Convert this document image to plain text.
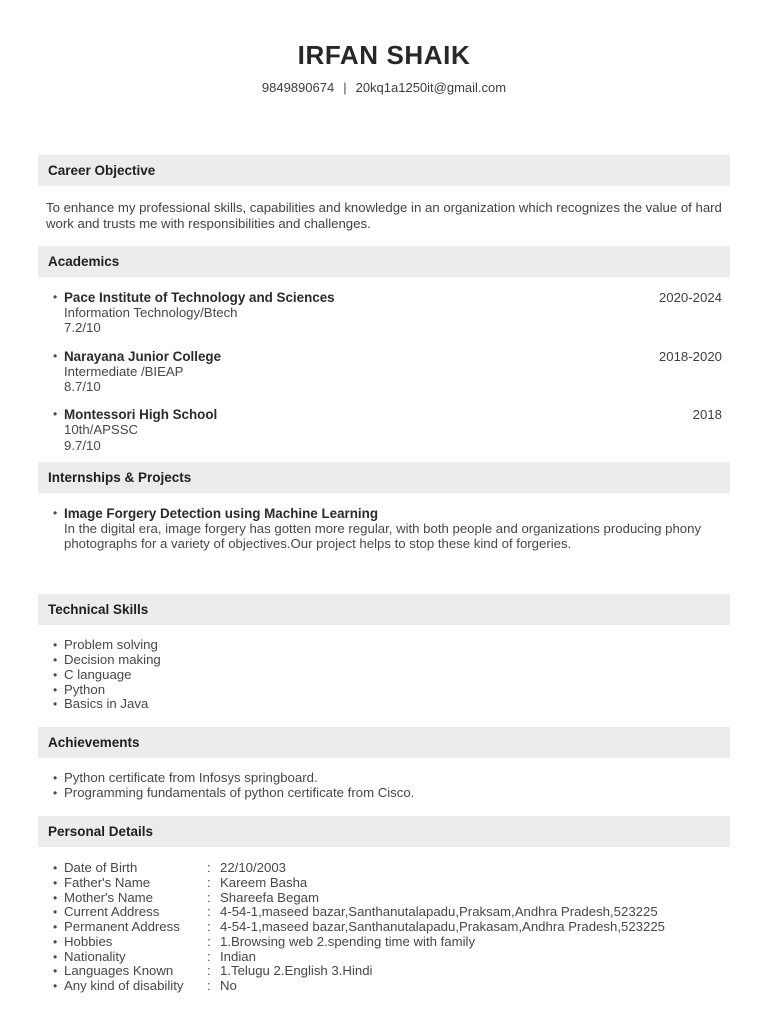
IRFAN SHAIK
9849890674 | 20kq1a1250it@gmail.com
Career Objective
To enhance my professional skills, capabilities and knowledge in an organization which recognizes the value of hard work and trusts me with responsibilities and challenges.
Academics
• Pace Institute of Technology and Sciences	2020-2024
Information Technology/Btech
7.2/10
• Narayana Junior College	2018-2020
Intermediate /BIEAP
8.7/10
• Montessori High School	2018
10th/APSSC
9.7/10
Internships & Projects
• Image Forgery Detection using Machine Learning
In the digital era, image forgery has gotten more regular, with both people and organizations producing phony photographs for a variety of objectives.Our project helps to stop these kind of forgeries.
Technical Skills
• Problem solving
• Decision making
• C language
• Python
• Basics in Java
Achievements
• Python certificate from Infosys springboard.
• Programming fundamentals of python certificate from Cisco.
Personal Details
• Date of Birth	: 22/10/2003
• Father's Name	: Kareem Basha
• Mother's Name	: Shareefa Begam
• Current Address	: 4-54-1,maseed bazar,Santhanutalapadu,Praksam,Andhra Pradesh,523225
• Permanent Address	: 4-54-1,maseed bazar,Santhanutalapadu,Prakasam,Andhra Pradesh,523225
• Hobbies	: 1.Browsing web 2.spending time with family
• Nationality	: Indian
• Languages Known	: 1.Telugu 2.English 3.Hindi
• Any kind of disability	: No
